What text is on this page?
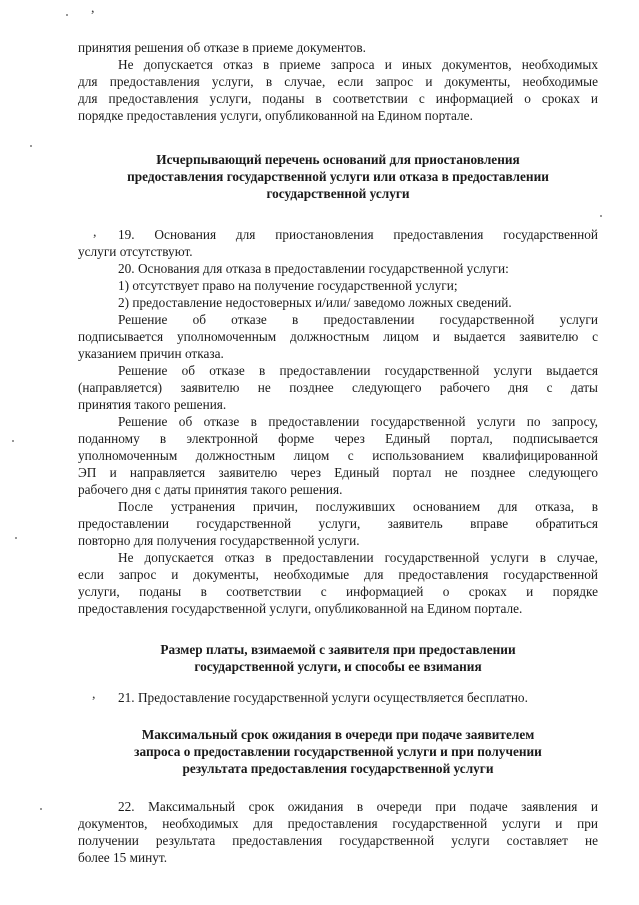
,
,
,
принятия решения об отказе в приеме документов.
Не допускается отказ в приеме запроса и иных документов, необходимых
для предоставления услуги, в случае, если запрос и документы, необходимые
для предоставления услуги, поданы в соответствии с информацией о сроках и
порядке предоставления услуги, опубликованной на Едином портале.
Исчерпывающий перечень оснований для приостановления
предоставления государственной услуги или отказа в предоставлении
государственной услуги
19. Основания для приостановления предоставления государственной
услуги отсутствуют.
20. Основания для отказа в предоставлении государственной услуги:
1) отсутствует право на получение государственной услуги;
2) предоставление недостоверных и/или/ заведомо ложных сведений.
Решение об отказе в предоставлении государственной услуги
подписывается уполномоченным должностным лицом и выдается заявителю с
указанием причин отказа.
Решение об отказе в предоставлении государственной услуги выдается
(направляется) заявителю не позднее следующего рабочего дня с даты
принятия такого решения.
Решение об отказе в предоставлении государственной услуги по запросу,
поданному в электронной форме через Единый портал, подписывается
уполномоченным должностным лицом с использованием квалифицированной
ЭП и направляется заявителю через Единый портал не позднее следующего
рабочего дня с даты принятия такого решения.
После устранения причин, послуживших основанием для отказа, в
предоставлении государственной услуги, заявитель вправе обратиться
повторно для получения государственной услуги.
Не допускается отказ в предоставлении государственной услуги в случае,
если запрос и документы, необходимые для предоставления государственной
услуги, поданы в соответствии с информацией о сроках и порядке
предоставления государственной услуги, опубликованной на Едином портале.
Размер платы, взимаемой с заявителя при предоставлении
государственной услуги, и способы ее взимания
21. Предоставление государственной услуги осуществляется бесплатно.
Максимальный срок ожидания в очереди при подаче заявителем
запроса о предоставлении государственной услуги и при получении
результата предоставления государственной услуги
22. Максимальный срок ожидания в очереди при подаче заявления и
документов, необходимых для предоставления государственной услуги и при
получении результата предоставления государственной услуги составляет не
более 15 минут.
